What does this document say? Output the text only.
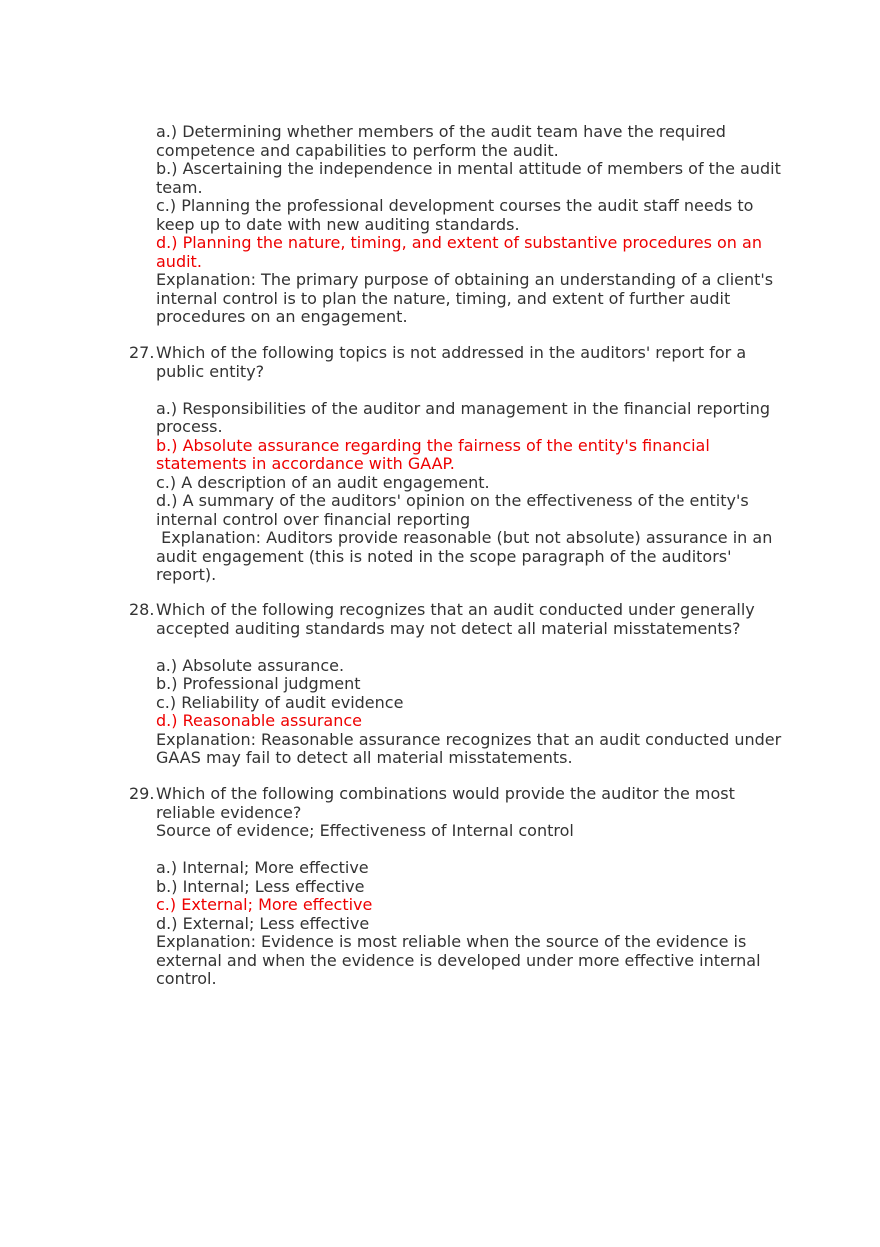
a.) Determining whether members of the audit team have the required
competence and capabilities to perform the audit.
b.) Ascertaining the independence in mental attitude of members of the audit
team.
c.) Planning the professional development courses the audit staff needs to
keep up to date with new auditing standards.
d.) Planning the nature, timing, and extent of substantive procedures on an
audit.
Explanation: The primary purpose of obtaining an understanding of a client's
internal control is to plan the nature, timing, and extent of further audit
procedures on an engagement.
27. Which of the following topics is not addressed in the auditors' report for a
public entity?
a.) Responsibilities of the auditor and management in the financial reporting
process.
b.) Absolute assurance regarding the fairness of the entity's financial
statements in accordance with GAAP.
c.) A description of an audit engagement.
d.) A summary of the auditors' opinion on the effectiveness of the entity's
internal control over financial reporting
Explanation: Auditors provide reasonable (but not absolute) assurance in an
audit engagement (this is noted in the scope paragraph of the auditors'
report).
28. Which of the following recognizes that an audit conducted under generally
accepted auditing standards may not detect all material misstatements?
a.) Absolute assurance.
b.) Professional judgment
c.) Reliability of audit evidence
d.) Reasonable assurance
Explanation: Reasonable assurance recognizes that an audit conducted under
GAAS may fail to detect all material misstatements.
29. Which of the following combinations would provide the auditor the most
reliable evidence?
Source of evidence; Effectiveness of Internal control
a.) Internal; More effective
b.) Internal; Less effective
c.) External; More effective
d.) External; Less effective
Explanation: Evidence is most reliable when the source of the evidence is
external and when the evidence is developed under more effective internal
control.
